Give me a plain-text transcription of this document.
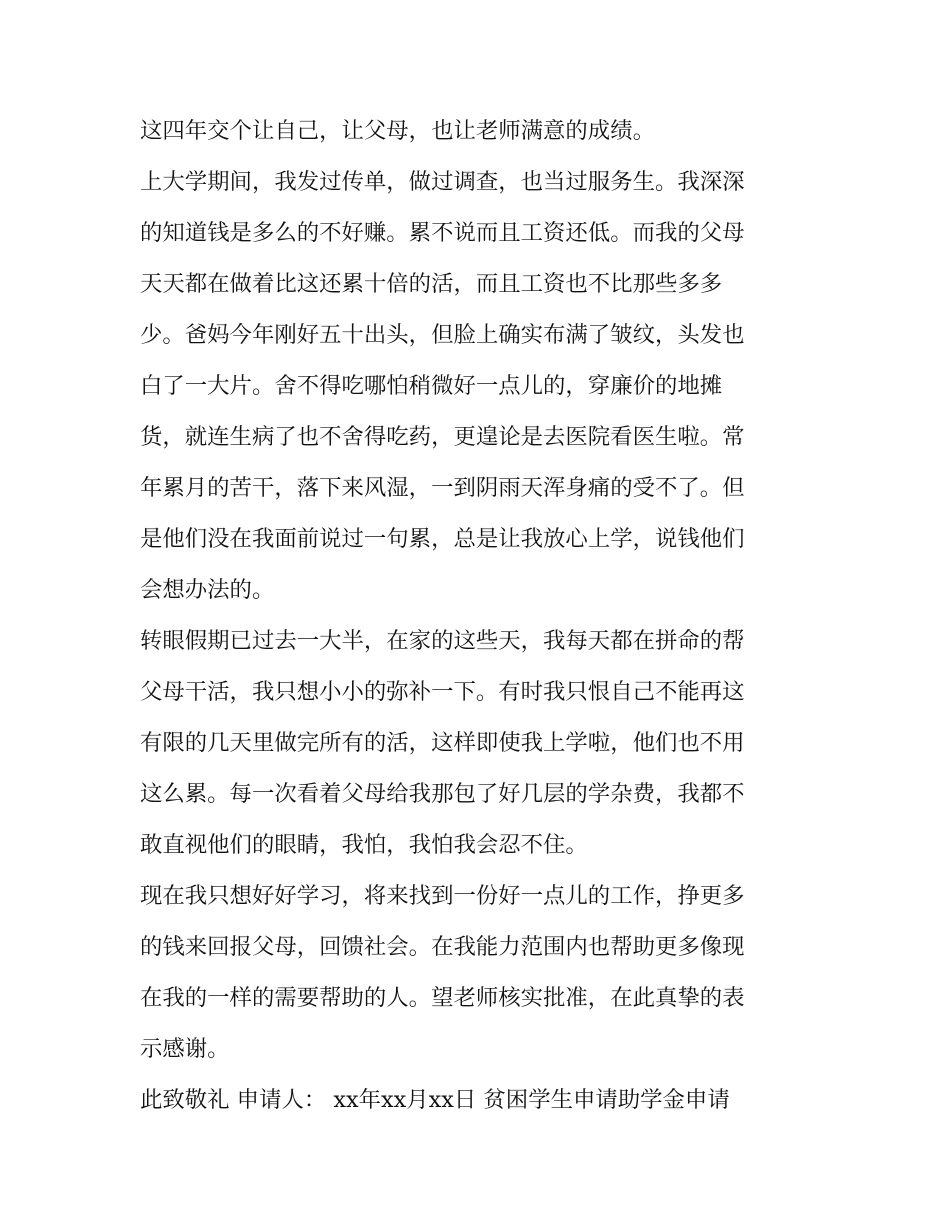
这四年交个让自己，让父母，也让老师满意的成绩。
上大学期间，我发过传单，做过调查，也当过服务生。我深深
的知道钱是多么的不好赚。累不说而且工资还低。而我的父母
天天都在做着比这还累十倍的活，而且工资也不比那些多多
少。爸妈今年刚好五十出头，但脸上确实布满了皱纹，头发也
白了一大片。舍不得吃哪怕稍微好一点儿的，穿廉价的地摊
货，就连生病了也不舍得吃药，更遑论是去医院看医生啦。常
年累月的苦干，落下来风湿，一到阴雨天浑身痛的受不了。但
是他们没在我面前说过一句累，总是让我放心上学，说钱他们
会想办法的。
转眼假期已过去一大半，在家的这些天，我每天都在拼命的帮
父母干活，我只想小小的弥补一下。有时我只恨自己不能再这
有限的几天里做完所有的活，这样即使我上学啦，他们也不用
这么累。每一次看着父母给我那包了好几层的学杂费，我都不
敢直视他们的眼睛，我怕，我怕我会忍不住。
现在我只想好好学习，将来找到一份好一点儿的工作，挣更多
的钱来回报父母，回馈社会。在我能力范围内也帮助更多像现
在我的一样的需要帮助的人。望老师核实批准，在此真挚的表
示感谢。
此致敬礼 申请人： xx年xx月xx日 贫困学生申请助学金申请
